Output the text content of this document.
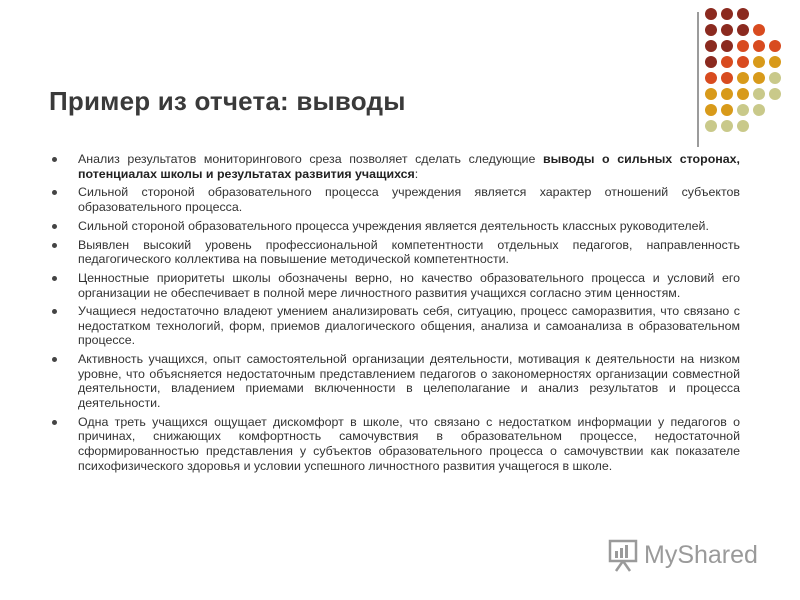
Пример из отчета: выводы
Анализ результатов мониторингового среза позволяет сделать следующие выводы о сильных сторонах, потенциалах школы и результатах развития учащихся:
Сильной стороной образовательного процесса учреждения является характер отношений субъектов образовательного процесса.
Сильной стороной образовательного процесса учреждения является деятельность классных руководителей.
Выявлен высокий уровень профессиональной компетентности отдельных педагогов, направленность педагогического коллектива на повышение методической компетентности.
Ценностные приоритеты школы обозначены верно, но качество образовательного процесса и условий его организации не обеспечивает в полной мере личностного развития учащихся согласно этим ценностям.
Учащиеся недостаточно владеют умением анализировать себя, ситуацию, процесс саморазвития, что связано с недостатком технологий, форм, приемов диалогического общения, анализа и самоанализа в образовательном процессе.
Активность учащихся, опыт самостоятельной организации деятельности, мотивация к деятельности на низком уровне, что объясняется недостаточным представлением педагогов о закономерностях организации совместной деятельности, владением приемами включенности в целеполагание и анализ результатов и процесса деятельности.
Одна треть учащихся ощущает дискомфорт в школе, что связано с недостатком информации у педагогов о причинах, снижающих комфортность самочувствия в образовательном процессе, недостаточной сформированностью представления у субъектов образовательного процесса о самочувствии как показателе психофизического здоровья и условии успешного личностного развития учащегося в школе.
MyShared
